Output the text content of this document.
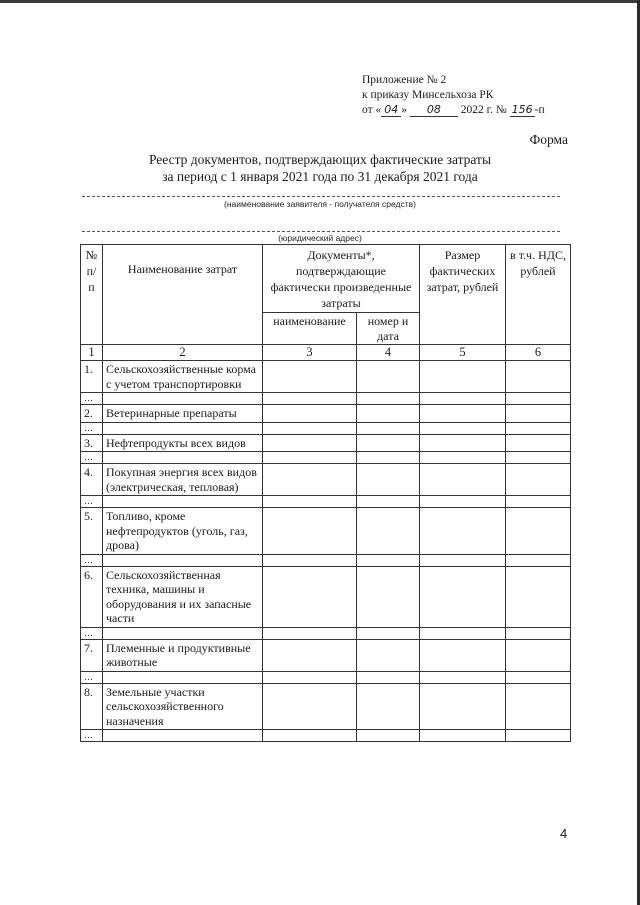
Приложение № 2
к приказу Минсельхоза РК
от « 04 » 08 2022 г. № 156 -п
Форма
Реестр документов, подтверждающих фактические затраты
за период с 1 января 2021 года по 31 декабря 2021 года
(наименование заявителя - получателя средств)
(юридический адрес)
№ п/п	Наименование затрат	Документы*, подтверждающие фактически произведенные затраты		Размер фактических затрат, рублей	в т.ч. НДС, рублей
		наименование	номер и дата		
1	2	3	4	5	6
1.	Сельскохозяйственные корма с учетом транспортировки				
…					
2.	Ветеринарные препараты				
…					
3.	Нефтепродукты всех видов				
…					
4.	Покупная энергия всех видов (электрическая, тепловая)				
…					
5.	Топливо, кроме нефтепродуктов (уголь, газ, дрова)				
…					
6.	Сельскохозяйственная техника, машины и оборудования и их запасные части				
…					
7.	Племенные и продуктивные животные				
…					
8.	Земельные участки сельскохозяйственного назначения				
…					
4
